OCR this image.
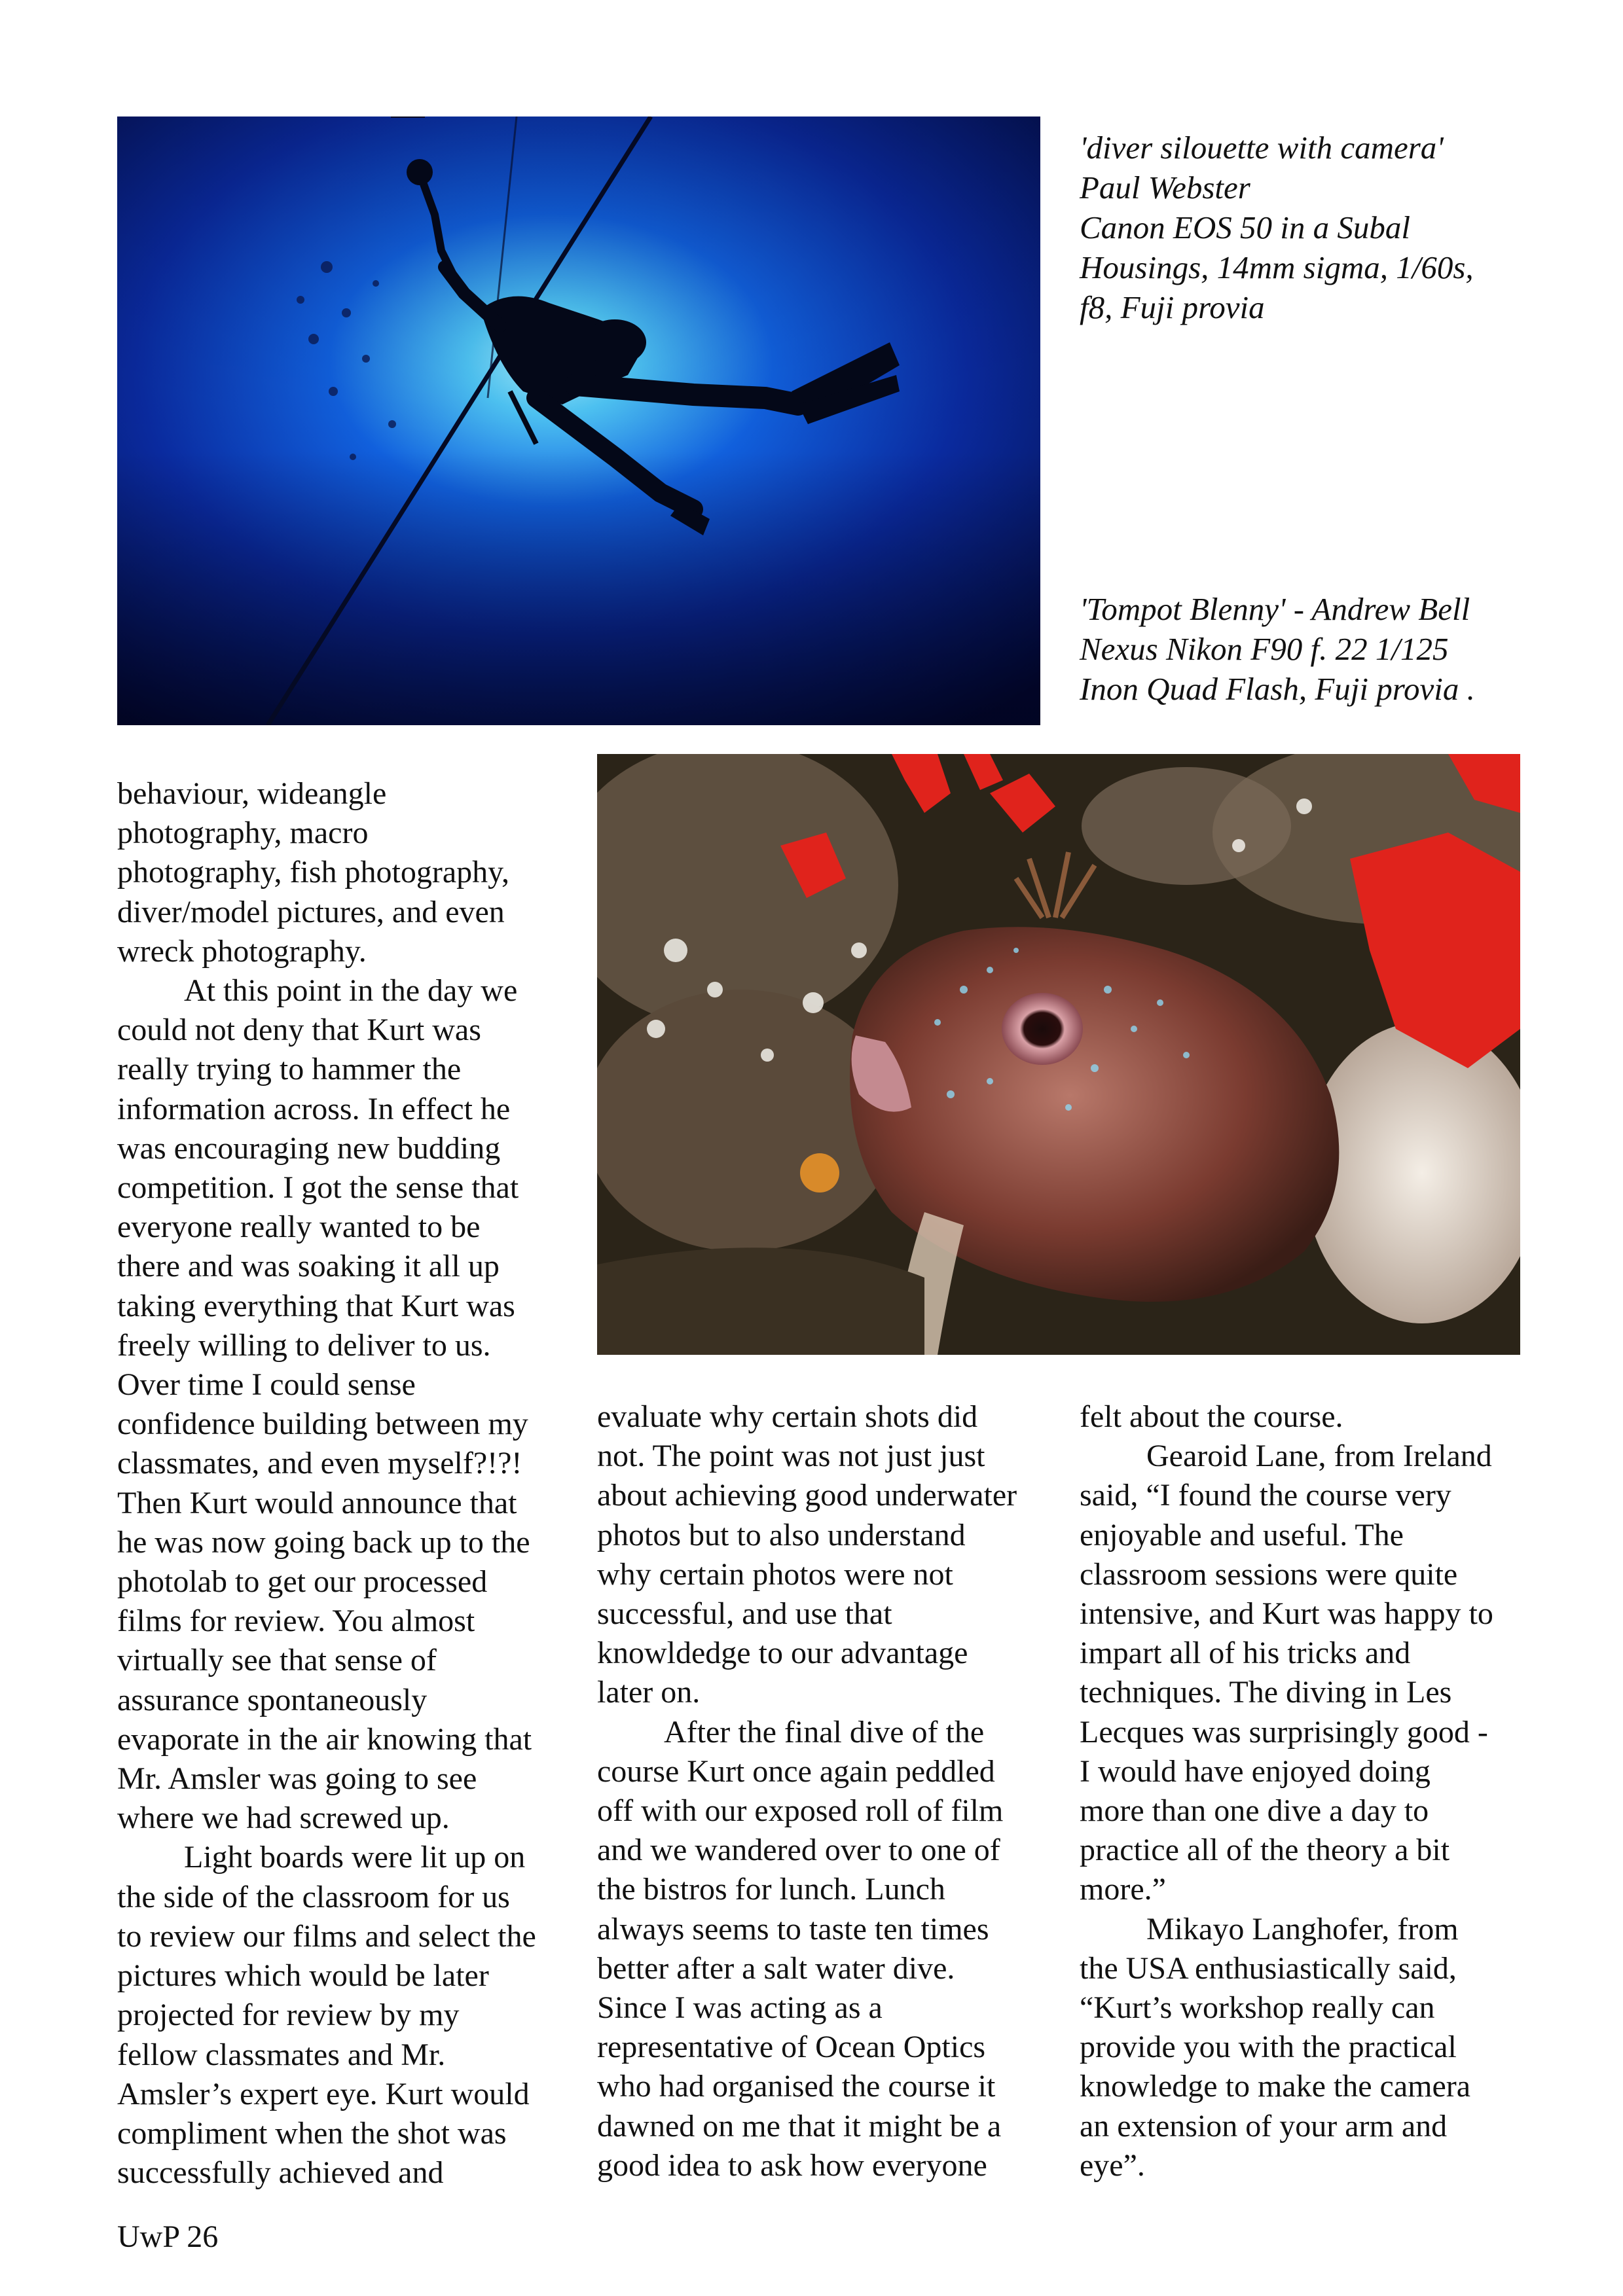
'diver silouette with camera'
Paul Webster
Canon EOS 50 in a Subal
Housings, 14mm sigma, 1/60s,
f8, Fuji provia
'Tompot Blenny' - Andrew Bell
Nexus Nikon F90 f. 22 1/125
Inon Quad Flash, Fuji provia .

behaviour, wideangle
photography, macro
photography, fish photography,
diver/model pictures, and even
wreck photography.

At this point in the day we
could not deny that Kurt was
really trying to hammer the
information across. In effect he
was encouraging new budding
competition. I got the sense that
everyone really wanted to be
there and was soaking it all up
taking everything that Kurt was
freely willing to deliver to us.
Over time I could sense
confidence building between my
classmates, and even myself?!?!
Then Kurt would announce that
he was now going back up to the
photolab to get our processed
films for review. You almost
virtually see that sense of
assurance spontaneously
evaporate in the air knowing that
Mr. Amsler was going to see
where we had screwed up.

Light boards were lit up on
the side of the classroom for us
to review our films and select the
pictures which would be later
projected for review by my
fellow classmates and Mr.
Amsler’s expert eye. Kurt would
compliment when the shot was
successfully achieved and

evaluate why certain shots did
not. The point was not just just
about achieving good underwater
photos but to also understand
why certain photos were not
successful, and use that
knowldedge to our advantage
later on.

After the final dive of the
course Kurt once again peddled
off with our exposed roll of film
and we wandered over to one of
the bistros for lunch. Lunch
always seems to taste ten times
better after a salt water dive.
Since I was acting as a
representative of Ocean Optics
who had organised the course it
dawned on me that it might be a
good idea to ask how everyone

felt about the course.

Gearoid Lane, from Ireland
said, “I found the course very
enjoyable and useful. The
classroom sessions were quite
intensive, and Kurt was happy to
impart all of his tricks and
techniques. The diving in Les
Lecques was surprisingly good -
I would have enjoyed doing
more than one dive a day to
practice all of the theory a bit
more.”

Mikayo Langhofer, from
the USA enthusiastically said,
“Kurt’s workshop really can
provide you with the practical
knowledge to make the camera
an extension of your arm and
eye”.

UwP 26
